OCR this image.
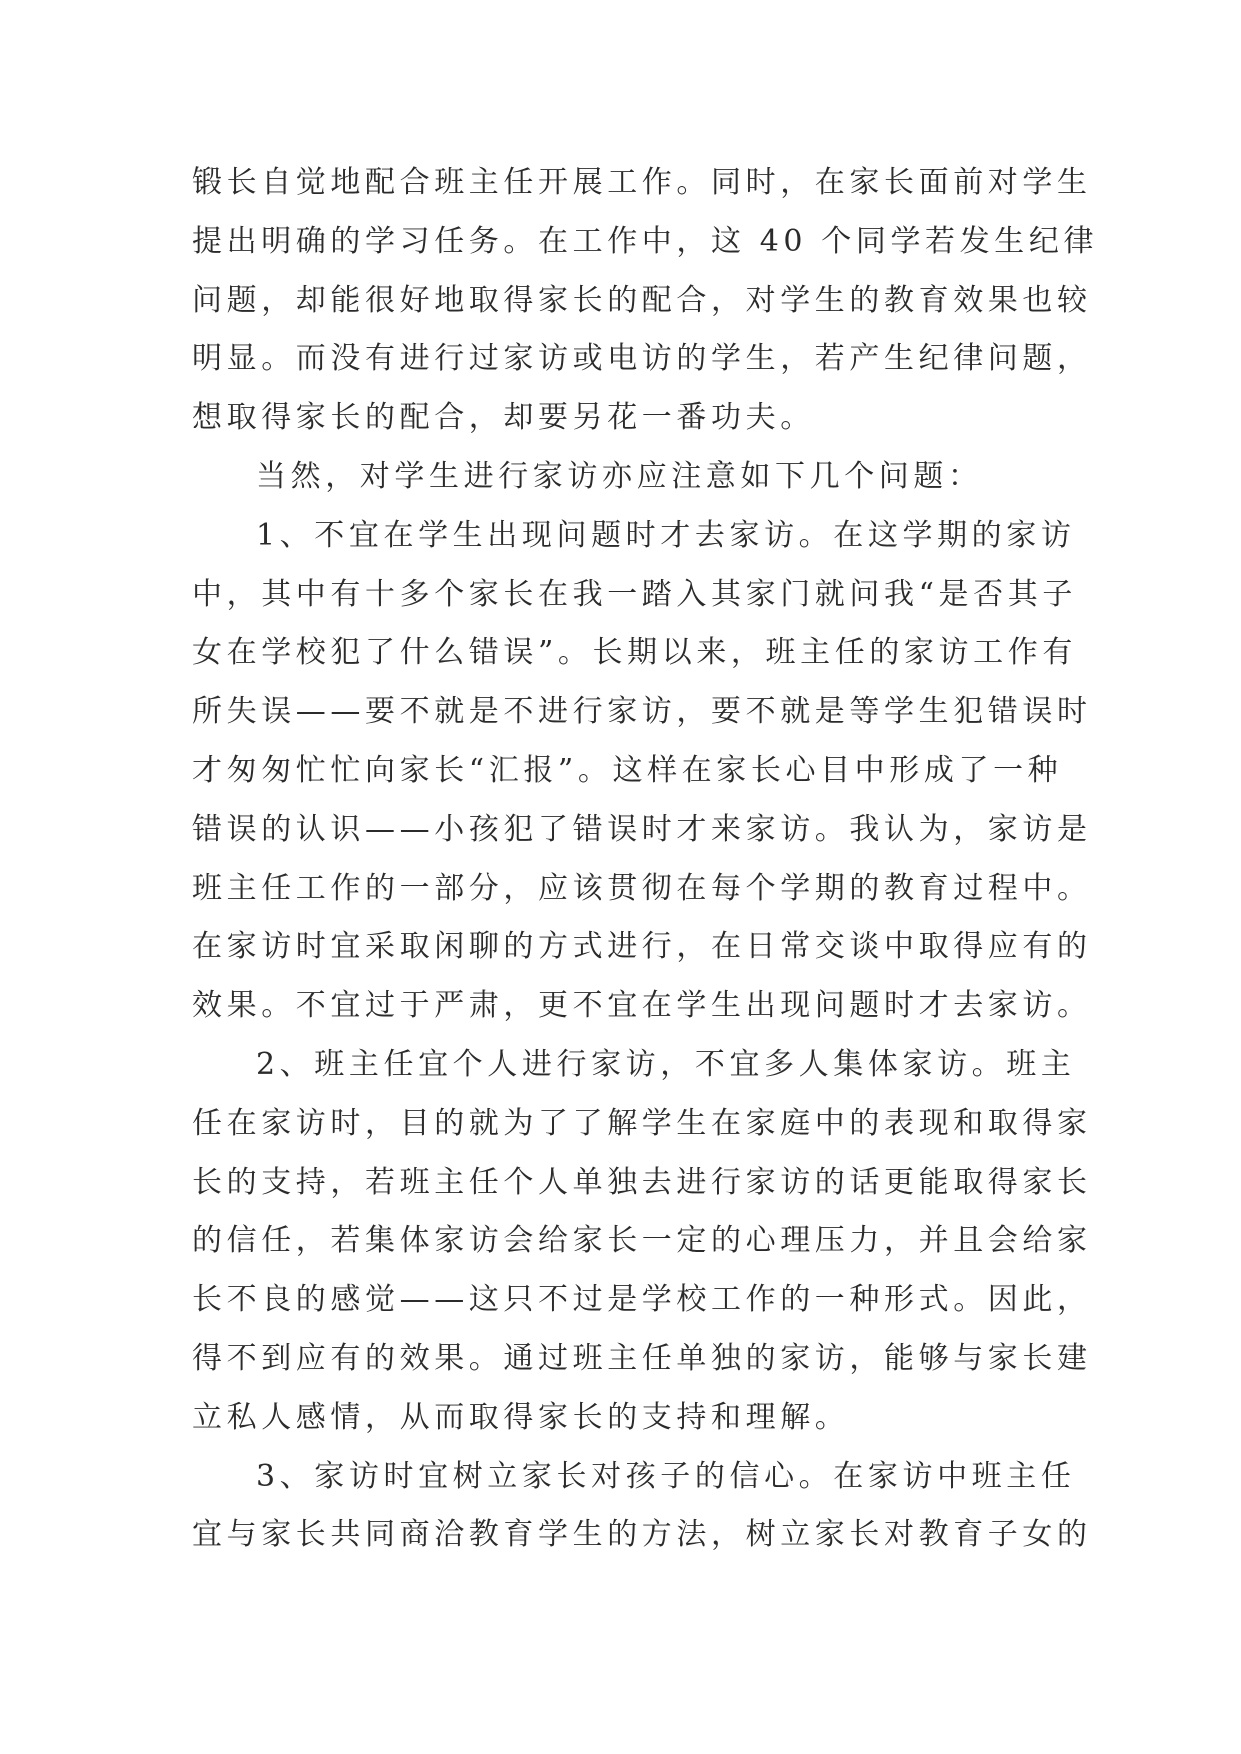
锻长自觉地配合班主任开展工作。同时，在家长面前对学生
提出明确的学习任务。在工作中，这 40 个同学若发生纪律
问题，却能很好地取得家长的配合，对学生的教育效果也较
明显。而没有进行过家访或电访的学生，若产生纪律问题，
想取得家长的配合，却要另花一番功夫。
当然，对学生进行家访亦应注意如下几个问题：
1、不宜在学生出现问题时才去家访。在这学期的家访
中，其中有十多个家长在我一踏入其家门就问我“是否其子
女在学校犯了什么错误”。长期以来，班主任的家访工作有
所失误——要不就是不进行家访，要不就是等学生犯错误时
才匆匆忙忙向家长“汇报”。这样在家长心目中形成了一种
错误的认识——小孩犯了错误时才来家访。我认为，家访是
班主任工作的一部分，应该贯彻在每个学期的教育过程中。
在家访时宜采取闲聊的方式进行，在日常交谈中取得应有的
效果。不宜过于严肃，更不宜在学生出现问题时才去家访。
2、班主任宜个人进行家访，不宜多人集体家访。班主
任在家访时，目的就为了了解学生在家庭中的表现和取得家
长的支持，若班主任个人单独去进行家访的话更能取得家长
的信任，若集体家访会给家长一定的心理压力，并且会给家
长不良的感觉——这只不过是学校工作的一种形式。因此，
得不到应有的效果。通过班主任单独的家访，能够与家长建
立私人感情，从而取得家长的支持和理解。
3、家访时宜树立家长对孩子的信心。在家访中班主任
宜与家长共同商洽教育学生的方法，树立家长对教育子女的
